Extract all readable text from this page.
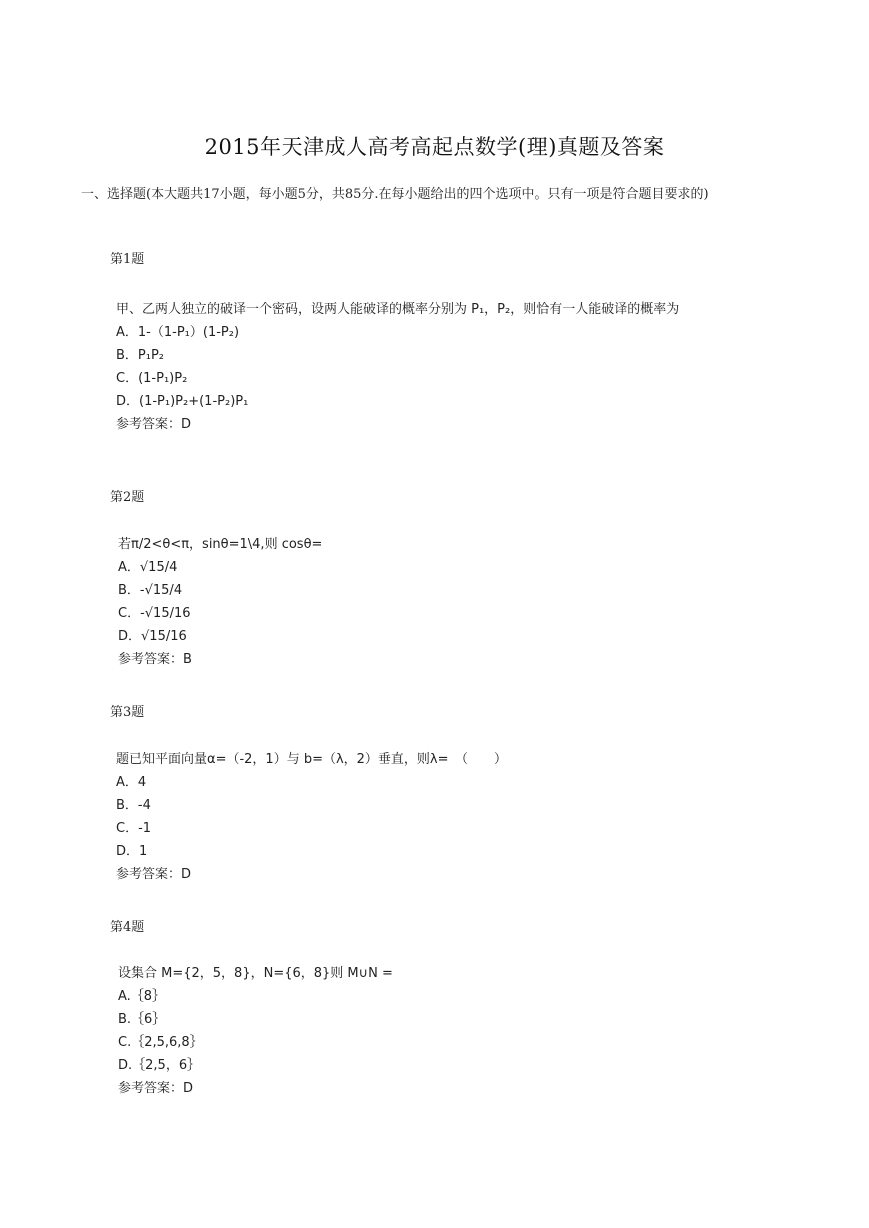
2015年天津成人高考高起点数学(理)真题及答案
一、选择题(本大题共17小题，每小题5分，共85分.在每小题给出的四个选项中。只有一项是符合题目要求的)
第1题
甲、乙两人独立的破译一个密码，设两人能破译的概率分别为 P₁，P₂，则恰有一人能破译的概率为
A．1-（1-P₁）(1-P₂)
B．P₁P₂
C．(1-P₁)P₂
D．(1-P₁)P₂+(1-P₂)P₁
参考答案：D
第2题
若π/2<θ<π，sinθ=1\4,则 cosθ=
A．√15/4
B．-√15/4
C．-√15/16
D．√15/16
参考答案：B
第3题
题已知平面向量α=（-2，1）与 b=（λ，2）垂直，则λ=　（　　）
A．4
B．-4
C．-1
D．1
参考答案：D
第4题
设集合 M={2，5，8}，N={6，8}则 M∪N =
A.｛8｝
B.｛6｝
C.｛2,5,6,8｝
D.｛2,5，6｝
参考答案：D
